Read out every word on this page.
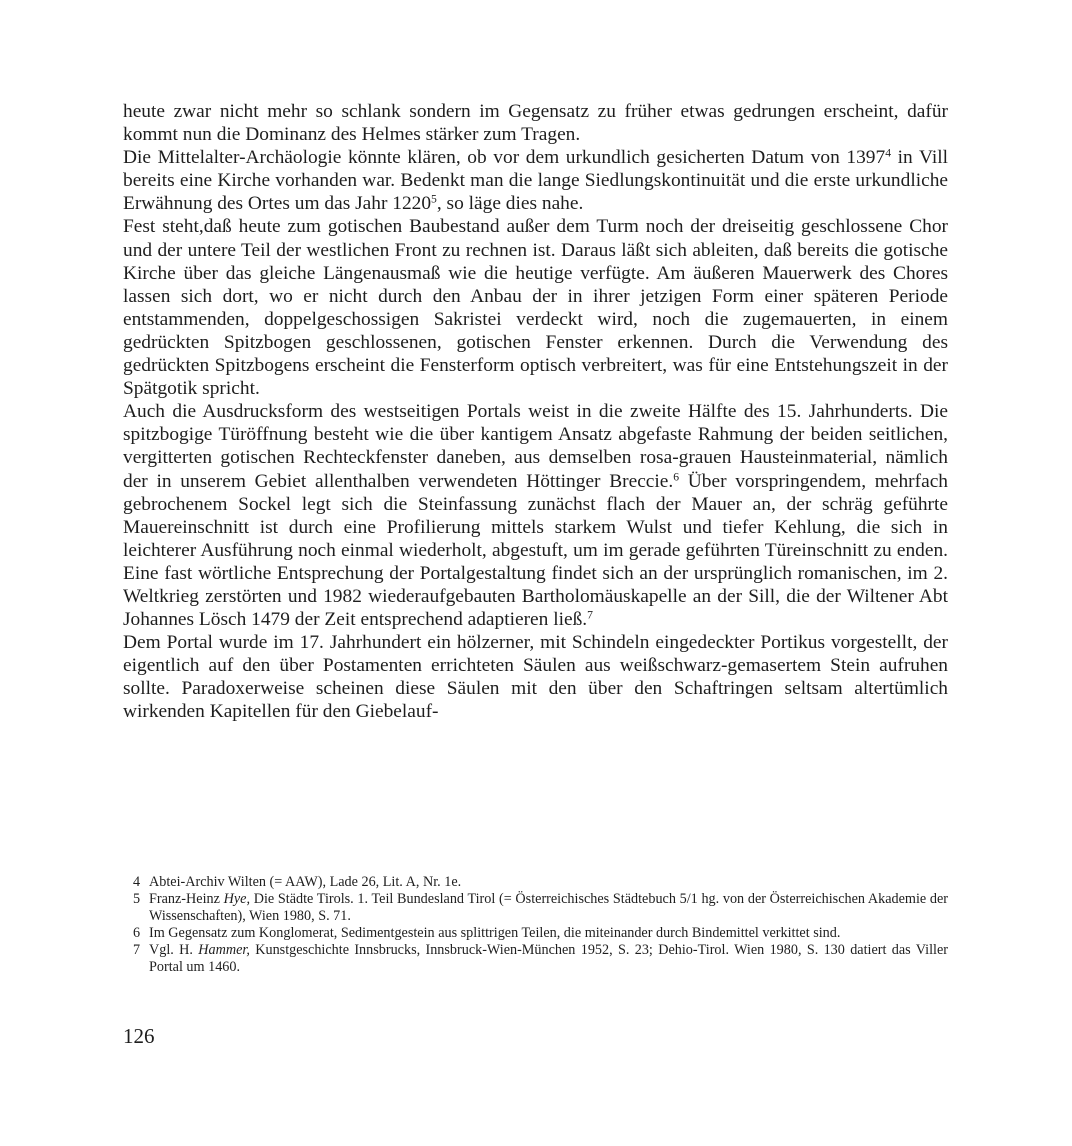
heute zwar nicht mehr so schlank sondern im Gegensatz zu früher etwas gedrungen erscheint, dafür kommt nun die Dominanz des Helmes stärker zum Tragen.

Die Mittelalter-Archäologie könnte klären, ob vor dem urkundlich gesicherten Datum von 1397$^4$ in Vill bereits eine Kirche vorhanden war. Bedenkt man die lange Siedlungskontinuität und die erste urkundliche Erwähnung des Ortes um das Jahr 1220$^5$, so läge dies nahe.

Fest steht,daß heute zum gotischen Baubestand außer dem Turm noch der dreiseitig geschlossene Chor und der untere Teil der westlichen Front zu rechnen ist. Daraus läßt sich ableiten, daß bereits die gotische Kirche über das gleiche Längenausmaß wie die heutige verfügte. Am äußeren Mauerwerk des Chores lassen sich dort, wo er nicht durch den Anbau der in ihrer jetzigen Form einer späteren Periode entstammenden, doppelgeschossigen Sakristei verdeckt wird, noch die zugemauerten, in einem gedrückten Spitzbogen geschlossenen, gotischen Fenster erkennen. Durch die Verwendung des gedrückten Spitzbogens erscheint die Fensterform optisch verbreitert, was für eine Entstehungszeit in der Spätgotik spricht.

Auch die Ausdrucksform des westseitigen Portals weist in die zweite Hälfte des 15. Jahrhunderts. Die spitzbogige Türöffnung besteht wie die über kantigem Ansatz abgefaste Rahmung der beiden seitlichen, vergitterten gotischen Rechteckfenster daneben, aus demselben rosa-grauen Hausteinmaterial, nämlich der in unserem Gebiet allenthalben verwendeten Höttinger Breccie.$^6$ Über vorspringendem, mehrfach gebrochenem Sockel legt sich die Steinfassung zunächst flach der Mauer an, der schräg geführte Mauereinschnitt ist durch eine Profilierung mittels starkem Wulst und tiefer Kehlung, die sich in leichterer Ausführung noch einmal wiederholt, abgestuft, um im gerade geführten Türeinschnitt zu enden. Eine fast wörtliche Entsprechung der Portalgestaltung findet sich an der ursprünglich romanischen, im 2. Weltkrieg zerstörten und 1982 wiederaufgebauten Bartholomäuskapelle an der Sill, die der Wiltener Abt Johannes Lösch 1479 der Zeit entsprechend adaptieren ließ.$^7$

Dem Portal wurde im 17. Jahrhundert ein hölzerner, mit Schindeln eingedeckter Portikus vorgestellt, der eigentlich auf den über Postamenten errichteten Säulen aus weißschwarz-gemasertem Stein aufruhen sollte. Paradoxerweise scheinen diese Säulen mit den über den Schaftringen seltsam altertümlich wirkenden Kapitellen für den Giebelauf-

4 Abtei-Archiv Wilten (= AAW), Lade 26, Lit. A, Nr. 1e.
5 Franz-Heinz Hye, Die Städte Tirols. 1. Teil Bundesland Tirol (= Österreichisches Städtebuch 5/1 hg. von der Österreichischen Akademie der Wissenschaften), Wien 1980, S. 71.
6 Im Gegensatz zum Konglomerat, Sedimentgestein aus splittrigen Teilen, die miteinander durch Bindemittel verkittet sind.
7 Vgl. H. Hammer, Kunstgeschichte Innsbrucks, Innsbruck-Wien-München 1952, S. 23; Dehio-Tirol. Wien 1980, S. 130 datiert das Viller Portal um 1460.
126
